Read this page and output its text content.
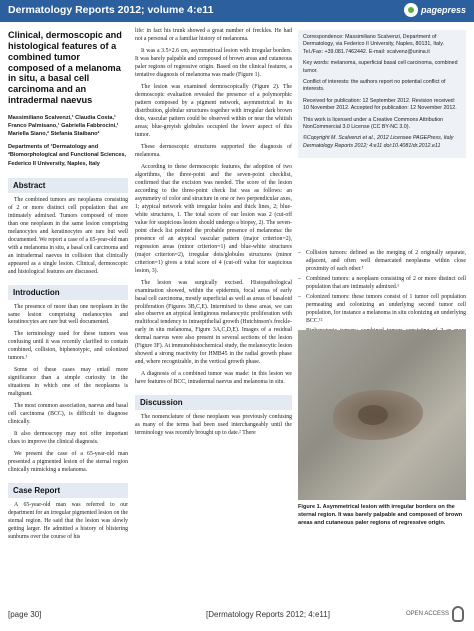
Dermatology Reports 2012; volume 4:e11	pagepress
Clinical, dermoscopic and histological features of a combined tumor composed of a melanoma in situ, a basal cell carcinoma and an intradermal naevus
Massimiliano Scalvenzi,¹ Claudia Costa,¹ Franco Palmisano,¹ Gabriella Fabbrocini,¹ Mariella Siano,² Stefania Staibano²
Departments of ¹Dermatology and ²Biomorphological and Functional Sciences, Federico II University, Naples, Italy
Abstract

The combined tumors are neoplasms consisting of 2 or more distinct cell population that are intimately admixed. Tumors composed of more than one neoplasm in the same lesion comprising melanocytes and keratinocytes are rare but well documented. We report a case of a 65-year-old man with a melanoma in situ, a basal cell carcinoma and an intradermal naevus in collision that clinically appeared as a single lesion. Clinical, dermoscopic and histological features are discussed.

Introduction

The presence of more than one neoplasm in the same lesion comprising melanocytes and keratinocytes are rare but well documented.

The terminology used for these tumors was confusing until it was recently clarified to contain combined, collision, biphenotypic, and colonized tumors.¹

Some of these cases may entail more significance than a simple curiosity in the situations in which one of the neoplasms is malignant.

The most common association, naevus and basal cell carcinoma (BCC), is difficult to diagnose clinically.

It also dermoscopy may not offer important clues to improve the clinical diagnosis.

We present the case of a 65-year-old man presented a pigmented lesion of the sternal region clinically mimicking a melanoma.

Case Report

A 65-year-old man was referred to our department for an irregular pigmented lesion on the sternal region. He said that the lesion was slowly getting larger. He admitted a history of blistering sunburns over the course of his

life: in fact his trunk showed a great number of freckles. He had not a personal or a familiar history of melanoma.

It was a 3.5×2.6 cm, asymmetrical lesion with irregular borders. It was barely palpable and composed of brown areas and cutaneous paler regions of regressive origin. Based on the clinical features, a tentative diagnosis of melanoma was made (Figure 1).

The lesion was examined dermoscopically (Figure 2). The dermoscopic evaluation revealed the presence of a polymorphic pattern composed by a pigment network, asymmetrical in its distribution, globular structures together with irregular dark brown dots, vascular pattern could be observed within or near the whitish areas; blue-greyish globules occupied the lower aspect of this tumor.

These dermoscopic structures supported the diagnosis of melanoma.

According to these dermoscopic features, the adoption of two algorithms, the three-point and the seven-point checklist, confirmed that the excision was needed. The score of the lesion according to the three-point check list was as follows: an asymmetry of color and structure in one or two perpendicular axes, 1; atypical network with irregular holes and thick lines, 2; blue-white structures, 1. The total score of our lesion was 2 (cut-off value for suspicious lesion should undergo a biopsy, 2). The seven-point check list pointed the probable presence of melanoma: the presence of an atypical vascular pattern (major criterion=2), regression areas (minor criterion=1) and blue-white structures (major criterion=2), irregular dots/globules structures (minor criterion=1) gives a total score of 4 (cut-off value for suspicious lesion, 3).

The lesion was surgically excised. Histopathological examination showed, within the epidermis, focal areas of early basal cell carcinoma, mostly superficial as well as areas of basaloid proliferation (Figures 3B,C,E). Intermixed to these areas, we can also observe an atypical lentiginous melanocytic proliferation with multifocal tendency to intraepithelial growth (Hutchinson's freckle-early in situ melanoma, Figure 3A,C,D,E). Images of a residual dermal naevus were also present in several sections of the lesion (Figure 3F). At immunohistochemical study, the melanocytic lesion showed a strong reactivity for HMB45 in the radial growth phase and, where recognizable, in the vertical growth phase.

A diagnosis of a combined tumor was made: in this lesion we have features of BCC, intradermal naevus and melanoma in situ.

Discussion

The nomenclature of these neoplasm was previously confusing as many of the terms had been used interchangeably until the terminology was recently brought up to date.² There

Correspondence: Massimiliano Scalvenzi, Department of Dermatology, via Federico II University, Naples, 80131, Italy. Tel./Fax: +39.081.7462442. E-mail: scalvenz@unina.it

Key words: melanoma, superficial basal cell carcinoma, combined tumor.

Conflict of interests: the authors report no potential conflict of interests.

Received for publication: 12 September 2012. Revision received: 10 November 2012. Accepted for publication: 12 November 2012.

This work is licensed under a Creative Commons Attribution NonCommercial 3.0 License (CC BY-NC 3.0).

©Copyright M. Scalvenzi et al., 2012 Licensee PAGEPress, Italy Dermatology Reports 2012; 4:e11 doi:10.4081/dr.2012.e11

– Collision tumors: defined as the merging of 2 originally separate, adjacent, and often well demarcated neoplasms within close proximity of each other.¹
– Combined tumors: a neoplasm consisting of 2 or more distinct cell population that are intimately admixed.¹
– Colonized tumors: these tumors consist of 1 tumor cell population permeating and colonizing an underlying second tumor cell population, for instance a melanoma in situ colonizing an underlying BCC.¹²

Figure 1. Asymmetrical lesion with irregular borders on the sternal region. It was barely palpable and composed of brown areas and cutaneous paler regions of regressive origin.
[page 30]	[Dermatology Reports 2012; 4:e11]	OPEN ACCESS
